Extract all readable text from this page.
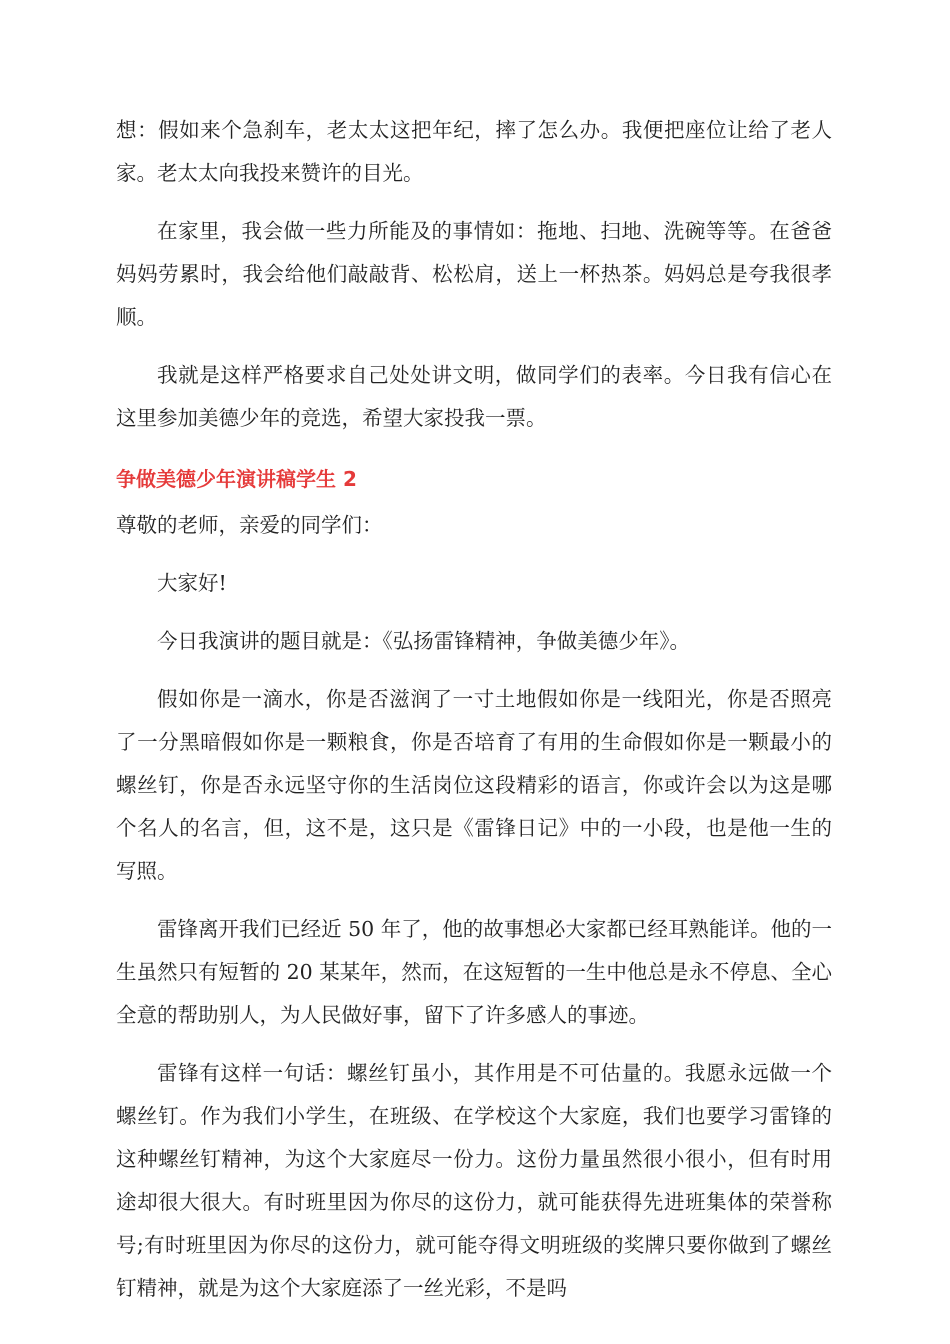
想：假如来个急刹车，老太太这把年纪，摔了怎么办。我便把座位让给了老人家。老太太向我投来赞许的目光。

在家里，我会做一些力所能及的事情如：拖地、扫地、洗碗等等。在爸爸妈妈劳累时，我会给他们敲敲背、松松肩，送上一杯热茶。妈妈总是夸我很孝顺。

我就是这样严格要求自己处处讲文明，做同学们的表率。今日我有信心在这里参加美德少年的竞选，希望大家投我一票。

争做美德少年演讲稿学生 2

尊敬的老师，亲爱的同学们：

大家好!

今日我演讲的题目就是：《弘扬雷锋精神，争做美德少年》。

假如你是一滴水，你是否滋润了一寸土地假如你是一线阳光，你是否照亮了一分黑暗假如你是一颗粮食，你是否培育了有用的生命假如你是一颗最小的螺丝钉，你是否永远坚守你的生活岗位这段精彩的语言，你或许会以为这是哪个名人的名言，但，这不是，这只是《雷锋日记》中的一小段，也是他一生的写照。

雷锋离开我们已经近 50 年了，他的故事想必大家都已经耳熟能详。他的一生虽然只有短暂的 20 某某年，然而，在这短暂的一生中他总是永不停息、全心全意的帮助别人，为人民做好事，留下了许多感人的事迹。

雷锋有这样一句话：螺丝钉虽小，其作用是不可估量的。我愿永远做一个螺丝钉。作为我们小学生，在班级、在学校这个大家庭，我们也要学习雷锋的这种螺丝钉精神，为这个大家庭尽一份力。这份力量虽然很小很小，但有时用途却很大很大。有时班里因为你尽的这份力，就可能获得先进班集体的荣誉称号;有时班里因为你尽的这份力，就可能夺得文明班级的奖牌只要你做到了螺丝钉精神，就是为这个大家庭添了一丝光彩，不是吗
